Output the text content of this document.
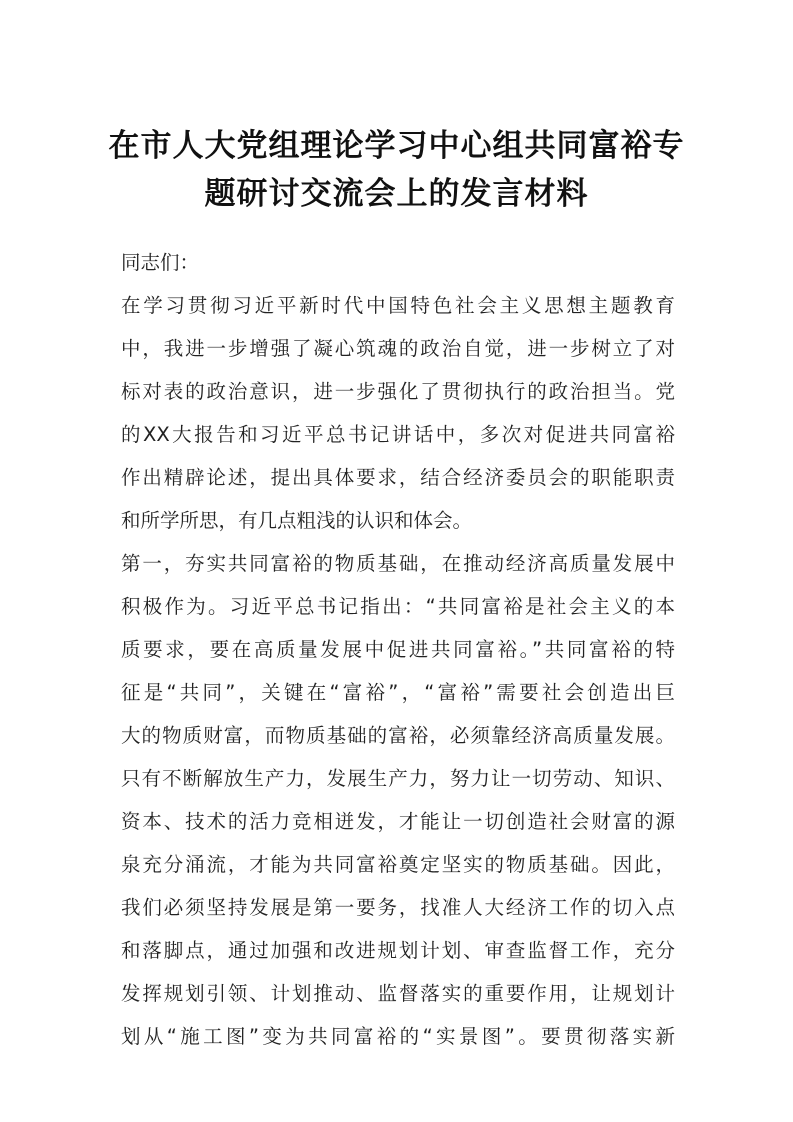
在市人大党组理论学习中心组共同富裕专
题研讨交流会上的发言材料
同志们：
在学习贯彻习近平新时代中国特色社会主义思想主题教育
中，我进一步增强了凝心筑魂的政治自觉，进一步树立了对
标对表的政治意识，进一步强化了贯彻执行的政治担当。党
的XX大报告和习近平总书记讲话中，多次对促进共同富裕
作出精辟论述，提出具体要求，结合经济委员会的职能职责
和所学所思，有几点粗浅的认识和体会。
第一，夯实共同富裕的物质基础，在推动经济高质量发展中
积极作为。习近平总书记指出：“共同富裕是社会主义的本
质要求，要在高质量发展中促进共同富裕。”共同富裕的特
征是“共同”，关键在“富裕”，“富裕”需要社会创造出巨
大的物质财富，而物质基础的富裕，必须靠经济高质量发展。
只有不断解放生产力，发展生产力，努力让一切劳动、知识、
资本、技术的活力竞相迸发，才能让一切创造社会财富的源
泉充分涌流，才能为共同富裕奠定坚实的物质基础。因此，
我们必须坚持发展是第一要务，找准人大经济工作的切入点
和落脚点，通过加强和改进规划计划、审查监督工作，充分
发挥规划引领、计划推动、监督落实的重要作用，让规划计
划从“施工图”变为共同富裕的“实景图”。要贯彻落实新
